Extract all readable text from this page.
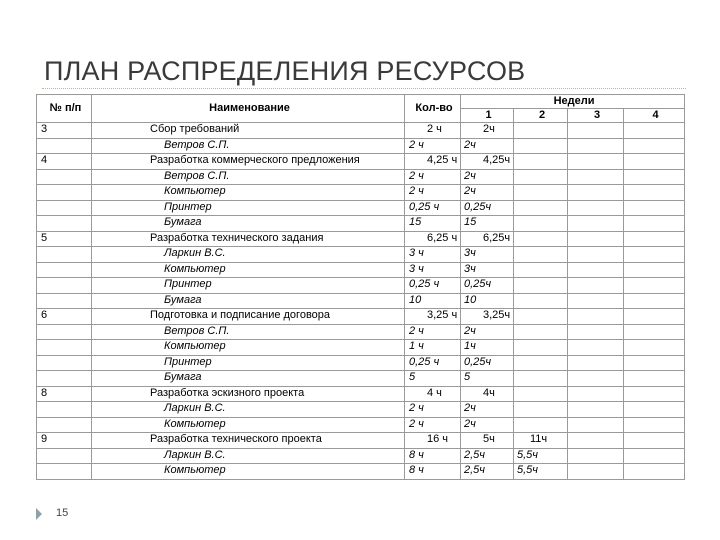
ПЛАН РАСПРЕДЕЛЕНИЯ РЕСУРСОВ
№ п/п	Наименование	Кол-во	Недели			
			1	2	3	4
3	Сбор требований	2 ч	2ч			
	Ветров С.П.	2 ч	2ч			
4	Разработка коммерческого предложения	4,25 ч	4,25ч			
	Ветров С.П.	2 ч	2ч			
	Компьютер	2 ч	2ч			
	Принтер	0,25 ч	0,25ч			
	Бумага	15	15			
5	Разработка технического задания	6,25 ч	6,25ч			
	Ларкин В.С.	3 ч	3ч			
	Компьютер	3 ч	3ч			
	Принтер	0,25 ч	0,25ч			
	Бумага	10	10			
6	Подготовка и подписание договора	3,25 ч	3,25ч			
	Ветров С.П.	2 ч	2ч			
	Компьютер	1 ч	1ч			
	Принтер	0,25 ч	0,25ч			
	Бумага	5	5			
8	Разработка эскизного проекта	4 ч	4ч			
	Ларкин В.С.	2 ч	2ч			
	Компьютер	2 ч	2ч			
9	Разработка технического проекта	16 ч	5ч	11ч		
	Ларкин В.С.	8 ч	2,5ч	5,5ч		
	Компьютер	8 ч	2,5ч	5,5ч		
15
